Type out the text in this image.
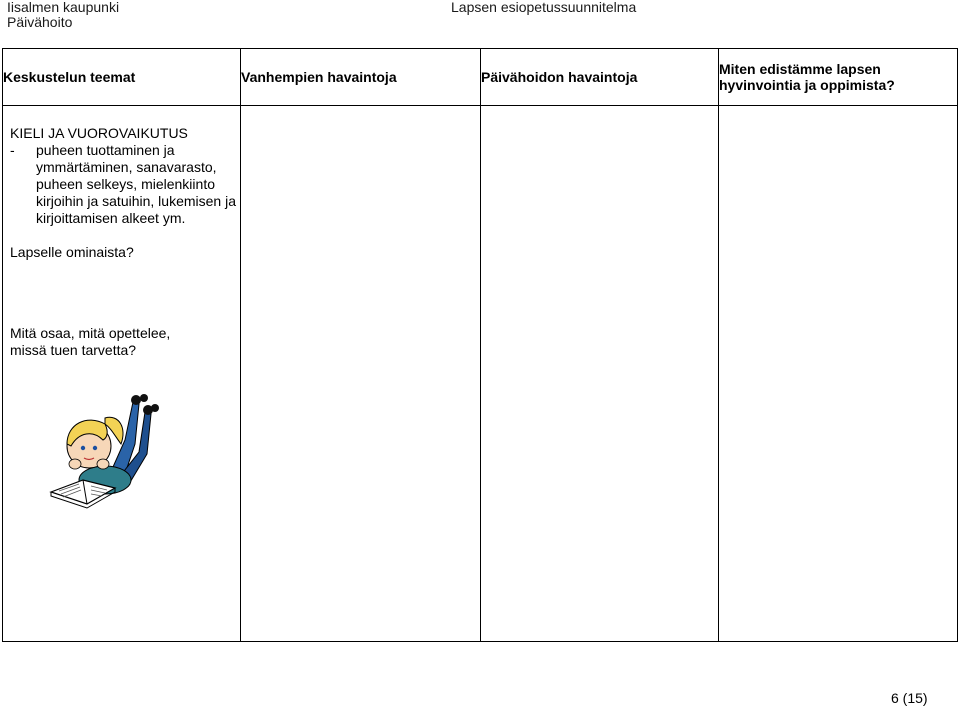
Iisalmen kaupunki
Päivähoito
Lapsen esiopetussuunnitelma
Keskustelun teemat	Vanhempien havaintoja	Päivähoidon havaintoja	Miten edistämme lapsen hyvinvointia ja oppimista?

KIELI JA VUOROVAIKUTUS
- puheen tuottaminen ja ymmärtäminen, sanavarasto, puheen selkeys, mielenkiinto kirjoihin ja satuihin, lukemisen ja kirjoittamisen alkeet ym.
Lapselle ominaista?
Mitä osaa, mitä opettelee, missä tuen tarvetta?			

6 (15)
